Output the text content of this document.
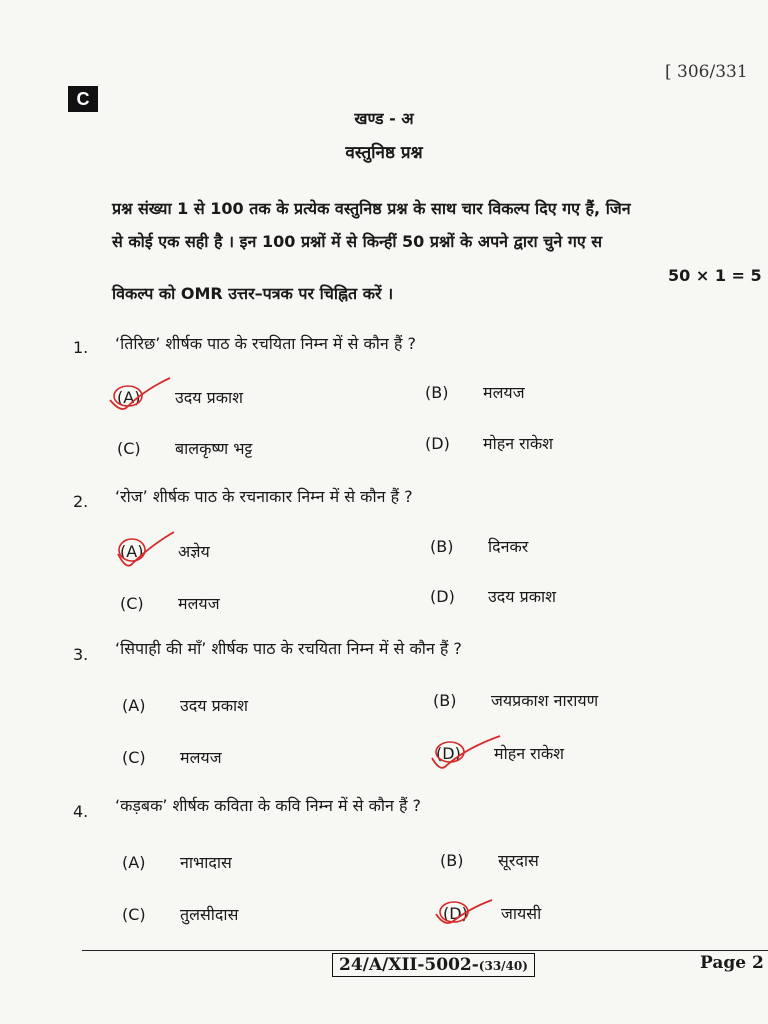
[ 306/331
C
खण्ड - अ
वस्तुनिष्ठ प्रश्न
प्रश्न संख्या 1 से 100 तक के प्रत्येक वस्तुनिष्ठ प्रश्न के साथ चार विकल्प दिए गए हैं, जिन
से कोई एक सही है । इन 100 प्रश्नों में से किन्हीं 50 प्रश्नों के अपने द्वारा चुने गए स
50 × 1 = 5
विकल्प को OMR उत्तर–पत्रक पर चिह्नित करें ।
1. ‘तिरिछ’ शीर्षक पाठ के रचयिता निम्न में से कौन हैं ?
(A) उदय प्रकाश	(B) मलयज
(C) बालकृष्ण भट्ट	(D) मोहन राकेश
2. ‘रोज’ शीर्षक पाठ के रचनाकार निम्न में से कौन हैं ?
(A) अज्ञेय	(B) दिनकर
(C) मलयज	(D) उदय प्रकाश
3. ‘सिपाही की माँ’ शीर्षक पाठ के रचयिता निम्न में से कौन हैं ?
(A) उदय प्रकाश	(B) जयप्रकाश नारायण
(C) मलयज	(D) मोहन राकेश
4. ‘कड़बक’ शीर्षक कविता के कवि निम्न में से कौन हैं ?
(A) नाभादास	(B) सूरदास
(C) तुलसीदास	(D) जायसी
24/A/XII-5002-(33/40)	Page 2
